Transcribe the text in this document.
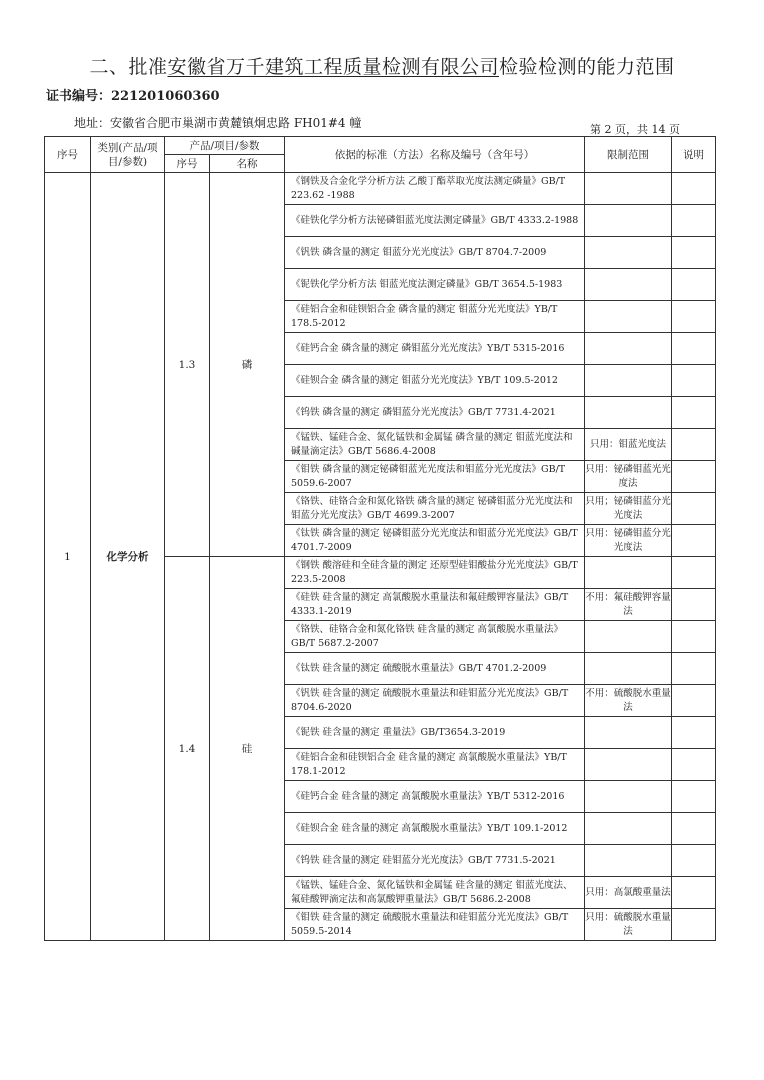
二、批准安徽省万千建筑工程质量检测有限公司检验检测的能力范围
证书编号：221201060360
地址：安徽省合肥市巢湖市黄麓镇炯忠路 FH01#4 幢	第 2 页，共 14 页
序号	类别(产品/项目/参数)	产品/项目/参数		依据的标准（方法）名称及编号（含年号）	限制范围	说明
		序号	名称			
1	化学分析	1.3	磷	《钢铁及合金化学分析方法 乙酸丁酯萃取光度法测定磷量》GB/T 223.62 -1988		
				《硅铁化学分析方法铋磷钼蓝光度法测定磷量》GB/T 4333.2-1988		
				《钒铁 磷含量的测定 钼蓝分光光度法》GB/T 8704.7-2009		
				《铌铁化学分析方法 钼蓝光度法测定磷量》GB/T 3654.5-1983		
				《硅铝合金和硅钡铝合金 磷含量的测定 钼蓝分光光度法》YB/T 178.5-2012		
				《硅钙合金 磷含量的测定 磷钼蓝分光光度法》YB/T 5315-2016		
				《硅钡合金 磷含量的测定 钼蓝分光光度法》YB/T 109.5-2012		
				《钨铁 磷含量的测定 磷钼蓝分光光度法》GB/T 7731.4-2021		
				《锰铁、锰硅合金、氮化锰铁和金属锰 磷含量的测定 钼蓝光度法和碱量滴定法》GB/T 5686.4-2008	只用：钼蓝光度法	
				《钼铁 磷含量的测定铋磷钼蓝光光度法和钼蓝分光光度法》GB/T 5059.6-2007	只用：铋磷钼蓝光光度法	
				《铬铁、硅铬合金和氮化铬铁 磷含量的测定 铋磷钼蓝分光光度法和钼蓝分光光度法》GB/T 4699.3-2007	只用；铋磷钼蓝分光光度法	
				《钛铁 磷含量的测定 铋磷钼蓝分光光度法和钼蓝分光光度法》GB/T 4701.7-2009	只用：铋磷钼蓝分光光度法	
		1.4	硅	《钢铁 酸溶硅和全硅含量的测定 还原型硅钼酸盐分光光度法》GB/T 223.5-2008		
				《硅铁 硅含量的测定 高氯酸脱水重量法和氟硅酸钾容量法》GB/T 4333.1-2019	不用：氟硅酸钾容量法	
				《铬铁、硅铬合金和氮化铬铁 硅含量的测定 高氯酸脱水重量法》GB/T 5687.2-2007		
				《钛铁 硅含量的测定 硫酸脱水重量法》GB/T 4701.2-2009		
				《钒铁 硅含量的测定 硫酸脱水重量法和硅钼蓝分光光度法》GB/T 8704.6-2020	不用：硫酸脱水重量法	
				《铌铁 硅含量的测定 重量法》GB/T3654.3-2019		
				《硅铝合金和硅钡铝合金 硅含量的测定 高氯酸脱水重量法》YB/T 178.1-2012		
				《硅钙合金 硅含量的测定 高氯酸脱水重量法》YB/T 5312-2016		
				《硅钡合金 硅含量的测定 高氯酸脱水重量法》YB/T 109.1-2012		
				《钨铁 硅含量的测定 硅钼蓝分光光度法》GB/T 7731.5-2021		
				《锰铁、锰硅合金、氮化锰铁和金属锰 硅含量的测定 钼蓝光度法、氟硅酸钾滴定法和高氯酸钾重量法》GB/T 5686.2-2008	只用：高氯酸重量法	
				《钼铁 硅含量的测定 硫酸脱水重量法和硅钼蓝分光光度法》GB/T 5059.5-2014	只用：硫酸脱水重量法	
